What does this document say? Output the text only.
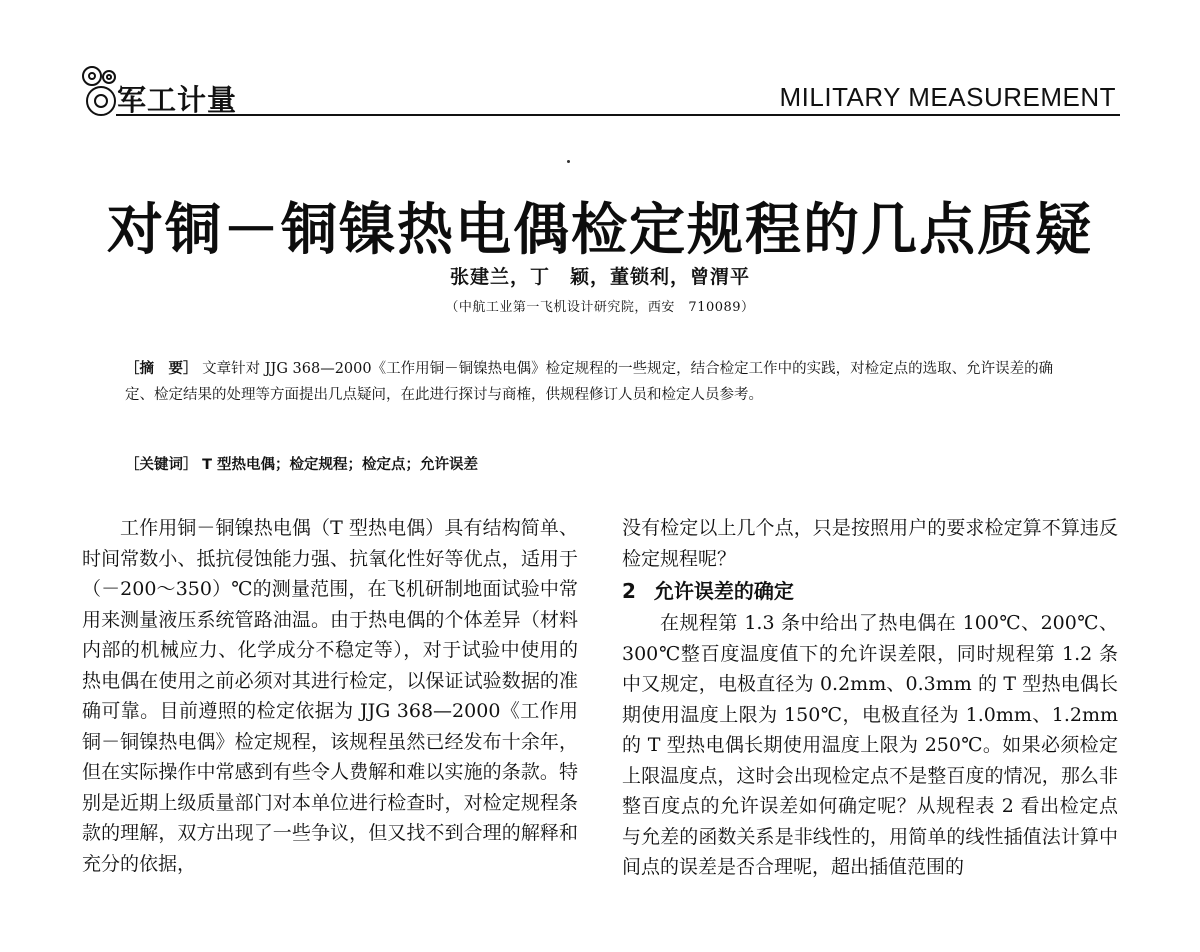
军工计量	MILITARY MEASUREMENT
对铜－铜镍热电偶检定规程的几点质疑
张建兰，丁　颖，董锁利，曾渭平
（中航工业第一飞机设计研究院，西安　710089）
［摘　要］ 文章针对 JJG 368—2000《工作用铜－铜镍热电偶》检定规程的一些规定，结合检定工作中的实践，对检定点的选取、允许误差的确定、检定结果的处理等方面提出几点疑问，在此进行探讨与商榷，供规程修订人员和检定人员参考。
［关键词］ T 型热电偶；检定规程；检定点；允许误差

工作用铜－铜镍热电偶（T 型热电偶）具有结构简单、时间常数小、抵抗侵蚀能力强、抗氧化性好等优点，适用于（－200～350）℃的测量范围，在飞机研制地面试验中常用来测量液压系统管路油温。由于热电偶的个体差异（材料内部的机械应力、化学成分不稳定等），对于试验中使用的热电偶在使用之前必须对其进行检定，以保证试验数据的准确可靠。目前遵照的检定依据为 JJG 368—2000《工作用铜－铜镍热电偶》检定规程，该规程虽然已经发布十余年，但在实际操作中常感到有些令人费解和难以实施的条款。特别是近期上级质量部门对本单位进行检查时，对检定规程条款的理解，双方出现了一些争议，但又找不到合理的解释和充分的依据，

没有检定以上几个点，只是按照用户的要求检定算不算违反检定规程呢？

2 允许误差的确定

在规程第 1.3 条中给出了热电偶在 100℃、200℃、300℃整百度温度值下的允许误差限，同时规程第 1.2 条中又规定，电极直径为 0.2mm、0.3mm 的 T 型热电偶长期使用温度上限为 150℃，电极直径为 1.0mm、1.2mm 的 T 型热电偶长期使用温度上限为 250℃。如果必须检定上限温度点，这时会出现检定点不是整百度的情况，那么非整百度点的允许误差如何确定呢？从规程表 2 看出检定点与允差的函数关系是非线性的，用简单的线性插值法计算中间点的误差是否合理呢，超出插值范围的
